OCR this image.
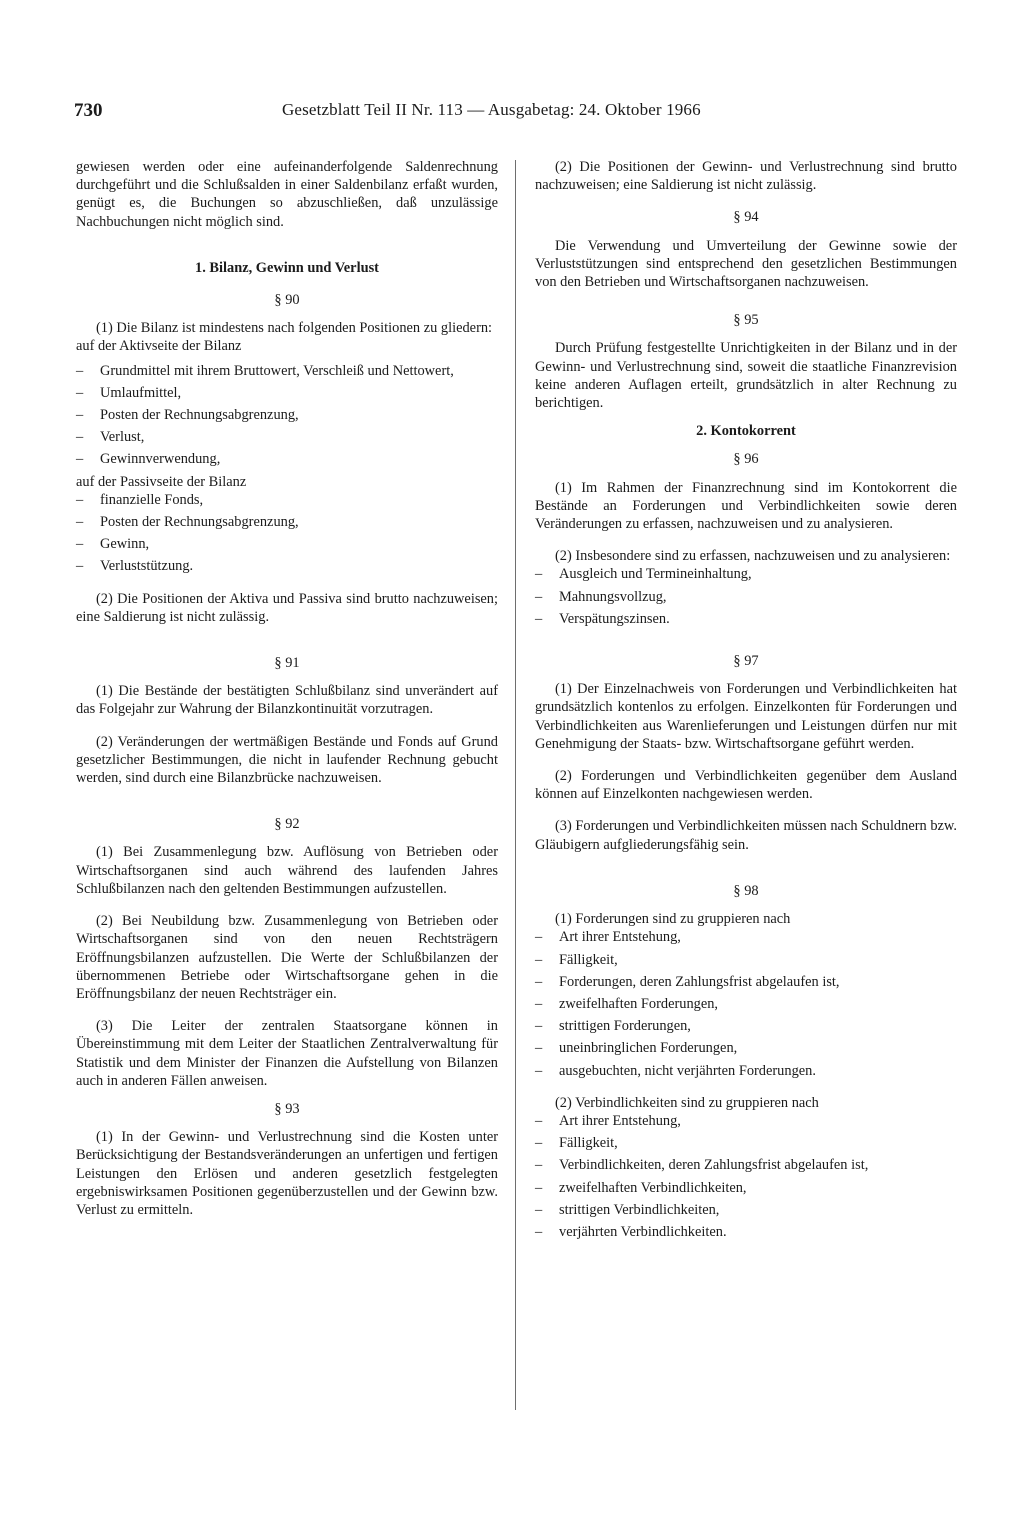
730	Gesetzblatt Teil II Nr. 113 — Ausgabetag: 24. Oktober 1966

gewiesen werden oder eine aufeinanderfolgende Saldenrechnung durchgeführt und die Schlußsalden in einer Saldenbilanz erfaßt wurden, genügt es, die Buchungen so abzuschließen, daß unzulässige Nachbuchungen nicht möglich sind.

1. Bilanz, Gewinn und Verlust

§ 90

(1) Die Bilanz ist mindestens nach folgenden Positionen zu gliedern:

auf der Aktivseite der Bilanz

– Grundmittel mit ihrem Bruttowert, Verschleiß und Nettowert,
– Umlaufmittel,
– Posten der Rechnungsabgrenzung,
– Verlust,
– Gewinnverwendung,

auf der Passivseite der Bilanz

– finanzielle Fonds,
– Posten der Rechnungsabgrenzung,
– Gewinn,
– Verluststützung.

(2) Die Positionen der Aktiva und Passiva sind brutto nachzuweisen; eine Saldierung ist nicht zulässig.

§ 91

(1) Die Bestände der bestätigten Schlußbilanz sind unverändert auf das Folgejahr zur Wahrung der Bilanzkontinuität vorzutragen.

(2) Veränderungen der wertmäßigen Bestände und Fonds auf Grund gesetzlicher Bestimmungen, die nicht in laufender Rechnung gebucht werden, sind durch eine Bilanzbrücke nachzuweisen.

§ 92

(1) Bei Zusammenlegung bzw. Auflösung von Betrieben oder Wirtschaftsorganen sind auch während des laufenden Jahres Schlußbilanzen nach den geltenden Bestimmungen aufzustellen.

(2) Bei Neubildung bzw. Zusammenlegung von Betrieben oder Wirtschaftsorganen sind von den neuen Rechtsträgern Eröffnungsbilanzen aufzustellen. Die Werte der Schlußbilanzen der übernommenen Betriebe oder Wirtschaftsorgane gehen in die Eröffnungsbilanz der neuen Rechtsträger ein.

(3) Die Leiter der zentralen Staatsorgane können in Übereinstimmung mit dem Leiter der Staatlichen Zentralverwaltung für Statistik und dem Minister der Finanzen die Aufstellung von Bilanzen auch in anderen Fällen anweisen.

§ 93

(1) In der Gewinn- und Verlustrechnung sind die Kosten unter Berücksichtigung der Bestandsveränderungen an unfertigen und fertigen Leistungen den Erlösen und anderen gesetzlich festgelegten ergebniswirksamen Positionen gegenüberzustellen und der Gewinn bzw. Verlust zu ermitteln.

(2) Die Positionen der Gewinn- und Verlustrechnung sind brutto nachzuweisen; eine Saldierung ist nicht zulässig.

§ 94

Die Verwendung und Umverteilung der Gewinne sowie der Verluststützungen sind entsprechend den gesetzlichen Bestimmungen von den Betrieben und Wirtschaftsorganen nachzuweisen.

§ 95

Durch Prüfung festgestellte Unrichtigkeiten in der Bilanz und in der Gewinn- und Verlustrechnung sind, soweit die staatliche Finanzrevision keine anderen Auflagen erteilt, grundsätzlich in alter Rechnung zu berichtigen.

2. Kontokorrent

§ 96

(1) Im Rahmen der Finanzrechnung sind im Kontokorrent die Bestände an Forderungen und Verbindlichkeiten sowie deren Veränderungen zu erfassen, nachzuweisen und zu analysieren.

(2) Insbesondere sind zu erfassen, nachzuweisen und zu analysieren:

– Ausgleich und Termineinhaltung,
– Mahnungsvollzug,
– Verspätungszinsen.

§ 97

(1) Der Einzelnachweis von Forderungen und Verbindlichkeiten hat grundsätzlich kontenlos zu erfolgen. Einzelkonten für Forderungen und Verbindlichkeiten aus Warenlieferungen und Leistungen dürfen nur mit Genehmigung der Staats- bzw. Wirtschaftsorgane geführt werden.

(2) Forderungen und Verbindlichkeiten gegenüber dem Ausland können auf Einzelkonten nachgewiesen werden.

(3) Forderungen und Verbindlichkeiten müssen nach Schuldnern bzw. Gläubigern aufgliederungsfähig sein.

§ 98

(1) Forderungen sind zu gruppieren nach

– Art ihrer Entstehung,
– Fälligkeit,
– Forderungen, deren Zahlungsfrist abgelaufen ist,
– zweifelhaften Forderungen,
– strittigen Forderungen,
– uneinbringlichen Forderungen,
– ausgebuchten, nicht verjährten Forderungen.

(2) Verbindlichkeiten sind zu gruppieren nach

– Art ihrer Entstehung,
– Fälligkeit,
– Verbindlichkeiten, deren Zahlungsfrist abgelaufen ist,
– zweifelhaften Verbindlichkeiten,
– strittigen Verbindlichkeiten,
– verjährten Verbindlichkeiten.
